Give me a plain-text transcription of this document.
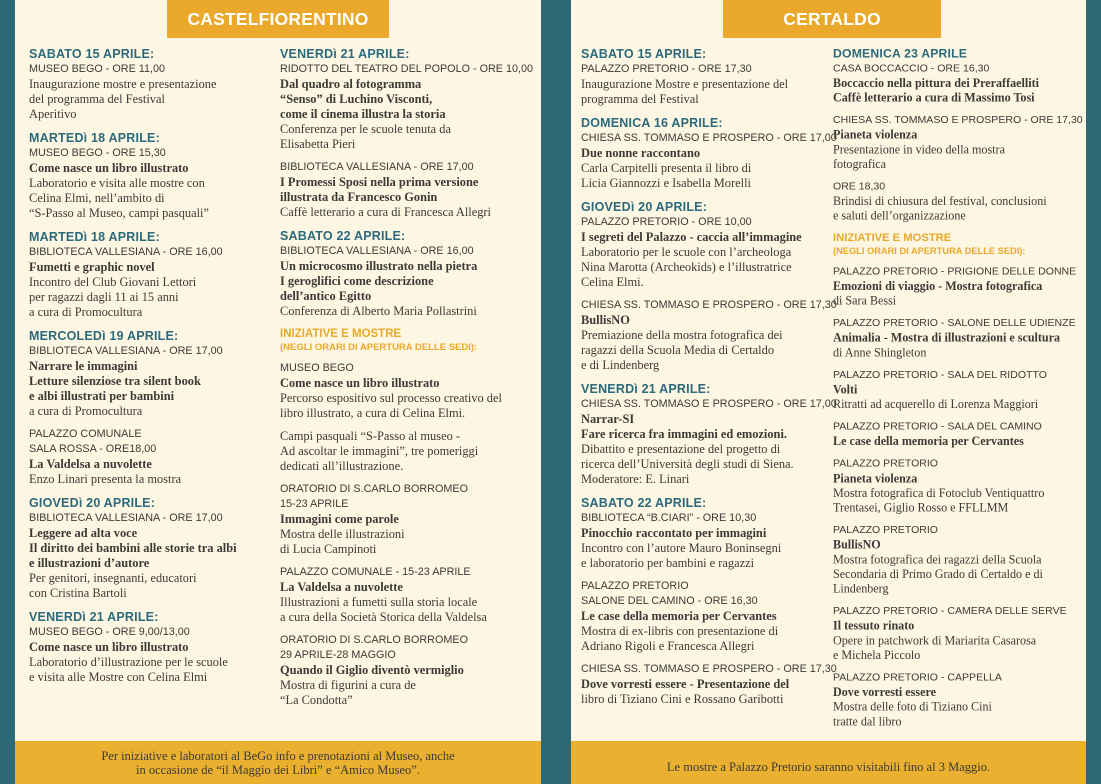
CASTELFIORENTINO
SABATO 15 APRILE:
MUSEO BEGO - ORE 11,00
Inaugurazione mostre e presentazione
del programma del Festival
Aperitivo
MARTEDì 18 APRILE:
MUSEO BEGO - ORE 15,30
Come nasce un libro illustrato
Laboratorio e visita alle mostre con
Celina Elmi, nell’ambito di
“S-Passo al Museo, campi pasquali”
MARTEDì 18 APRILE:
BIBLIOTECA VALLESIANA - ORE 16,00
Fumetti e graphic novel
Incontro del Club Giovani Lettori
per ragazzi dagli 11 ai 15 anni
a cura di Promocultura
MERCOLEDì 19 APRILE:
BIBLIOTECA VALLESIANA - ORE 17,00
Narrare le immagini
Letture silenziose tra silent book
e albi illustrati per bambini
a cura di Promocultura
PALAZZO COMUNALE
SALA ROSSA - ORE18,00
La Valdelsa a nuvolette
Enzo Linari presenta la mostra
GIOVEDì 20 APRILE:
BIBLIOTECA VALLESIANA - ORE 17,00
Leggere ad alta voce
Il diritto dei bambini alle storie tra albi
e illustrazioni d’autore
Per genitori, insegnanti, educatori
con Cristina Bartoli
VENERDì 21 APRILE:
MUSEO BEGO - ORE 9,00/13,00
Come nasce un libro illustrato
Laboratorio d’illustrazione per le scuole
e visita alle Mostre con Celina Elmi
VENERDì 21 APRILE:
RIDOTTO DEL TEATRO DEL POPOLO - ORE 10,00
Dal quadro al fotogramma
“Senso” di Luchino Visconti,
come il cinema illustra la storia
Conferenza per le scuole tenuta da
Elisabetta Pieri
BIBLIOTECA VALLESIANA - ORE 17,00
I Promessi Sposi nella prima versione
illustrata da Francesco Gonin
Caffè letterario a cura di Francesca Allegri
SABATO 22 APRILE:
BIBLIOTECA VALLESIANA - ORE 16,00
Un microcosmo illustrato nella pietra
I geroglifici come descrizione
dell’antico Egitto
Conferenza di Alberto Maria Pollastrini
INIZIATIVE E MOSTRE
(NEGLI ORARI DI APERTURA DELLE SEDI):
MUSEO BEGO
Come nasce un libro illustrato
Percorso espositivo sul processo creativo del
libro illustrato, a cura di Celina Elmi.
Campi pasquali “S-Passo al museo -
Ad ascoltar le immagini”, tre pomeriggi
dedicati all’illustrazione.
ORATORIO DI S.CARLO BORROMEO
15-23 APRILE
Immagini come parole
Mostra delle illustrazioni
di Lucia Campinoti
PALAZZO COMUNALE - 15-23 APRILE
La Valdelsa a nuvolette
Illustrazioni a fumetti sulla storia locale
a cura della Società Storica della Valdelsa
ORATORIO DI S.CARLO BORROMEO
29 APRILE-28 MAGGIO
Quando il Giglio diventò vermiglio
Mostra di figurini a cura de
“La Condotta”
Per iniziative e laboratori al BeGo info e prenotazioni al Museo, anche
in occasione de “il Maggio dei Libri” e “Amico Museo”.
CERTALDO
SABATO 15 APRILE:
PALAZZO PRETORIO - ORE 17,30
Inaugurazione Mostre e presentazione del
programma del Festival
DOMENICA 16 APRILE:
CHIESA SS. TOMMASO E PROSPERO - ORE 17,00
Due nonne raccontano
Carla Carpitelli presenta il libro di
Licia Giannozzi e Isabella Morelli
GIOVEDì 20 APRILE:
PALAZZO PRETORIO - ORE 10,00
I segreti del Palazzo - caccia all’immagine
Laboratorio per le scuole con l’archeologa
Nina Marotta (Archeokids) e l’illustratrice
Celina Elmi.
CHIESA SS. TOMMASO E PROSPERO - ORE 17,30
BullisNO
Premiazione della mostra fotografica dei
ragazzi della Scuola Media di Certaldo
e di Lindenberg
VENERDì 21 APRILE:
CHIESA SS. TOMMASO E PROSPERO - ORE 17,00
Narrar-SI
Fare ricerca fra immagini ed emozioni.
Dibattito e presentazione del progetto di
ricerca dell’Università degli studi di Siena.
Moderatore: E. Linari
SABATO 22 APRILE:
BIBLIOTECA “B.CIARI” - ORE 10,30
Pinocchio raccontato per immagini
Incontro con l’autore Mauro Boninsegni
e laboratorio per bambini e ragazzi
PALAZZO PRETORIO
SALONE DEL CAMINO - ORE 16,30
Le case della memoria per Cervantes
Mostra di ex-libris con presentazione di
Adriano Rigoli e Francesca Allegri
CHIESA SS. TOMMASO E PROSPERO - ORE 17,30
Dove vorresti essere - Presentazione del
libro di Tiziano Cini e Rossano Garibotti
DOMENICA 23 APRILE
CASA BOCCACCIO - ORE 16,30
Boccaccio nella pittura dei Preraffaelliti
Caffè letterario a cura di Massimo Tosi
CHIESA SS. TOMMASO E PROSPERO - ORE 17,30
Pianeta violenza
Presentazione in video della mostra
fotografica
ORE 18,30
Brindisi di chiusura del festival, conclusioni
e saluti dell’organizzazione
INIZIATIVE E MOSTRE
(NEGLI ORARI DI APERTURA DELLE SEDI):
PALAZZO PRETORIO - PRIGIONE DELLE DONNE
Emozioni di viaggio - Mostra fotografica
di Sara Bessi
PALAZZO PRETORIO - SALONE DELLE UDIENZE
Animalia - Mostra di illustrazioni e scultura
di Anne Shingleton
PALAZZO PRETORIO - SALA DEL RIDOTTO
Volti
Ritratti ad acquerello di Lorenza Maggiori
PALAZZO PRETORIO - SALA DEL CAMINO
Le case della memoria per Cervantes
PALAZZO PRETORIO
Pianeta violenza
Mostra fotografica di Fotoclub Ventiquattro
Trentasei, Giglio Rosso e FFLLMM
PALAZZO PRETORIO
BullisNO
Mostra fotografica dei ragazzi della Scuola
Secondaria di Primo Grado di Certaldo e di
Lindenberg
PALAZZO PRETORIO - CAMERA DELLE SERVE
Il tessuto rinato
Opere in patchwork di Mariarita Casarosa
e Michela Piccolo
PALAZZO PRETORIO - CAPPELLA
Dove vorresti essere
Mostra delle foto di Tiziano Cini
tratte dal libro
Le mostre a Palazzo Pretorio saranno visitabili fino al 3 Maggio.
